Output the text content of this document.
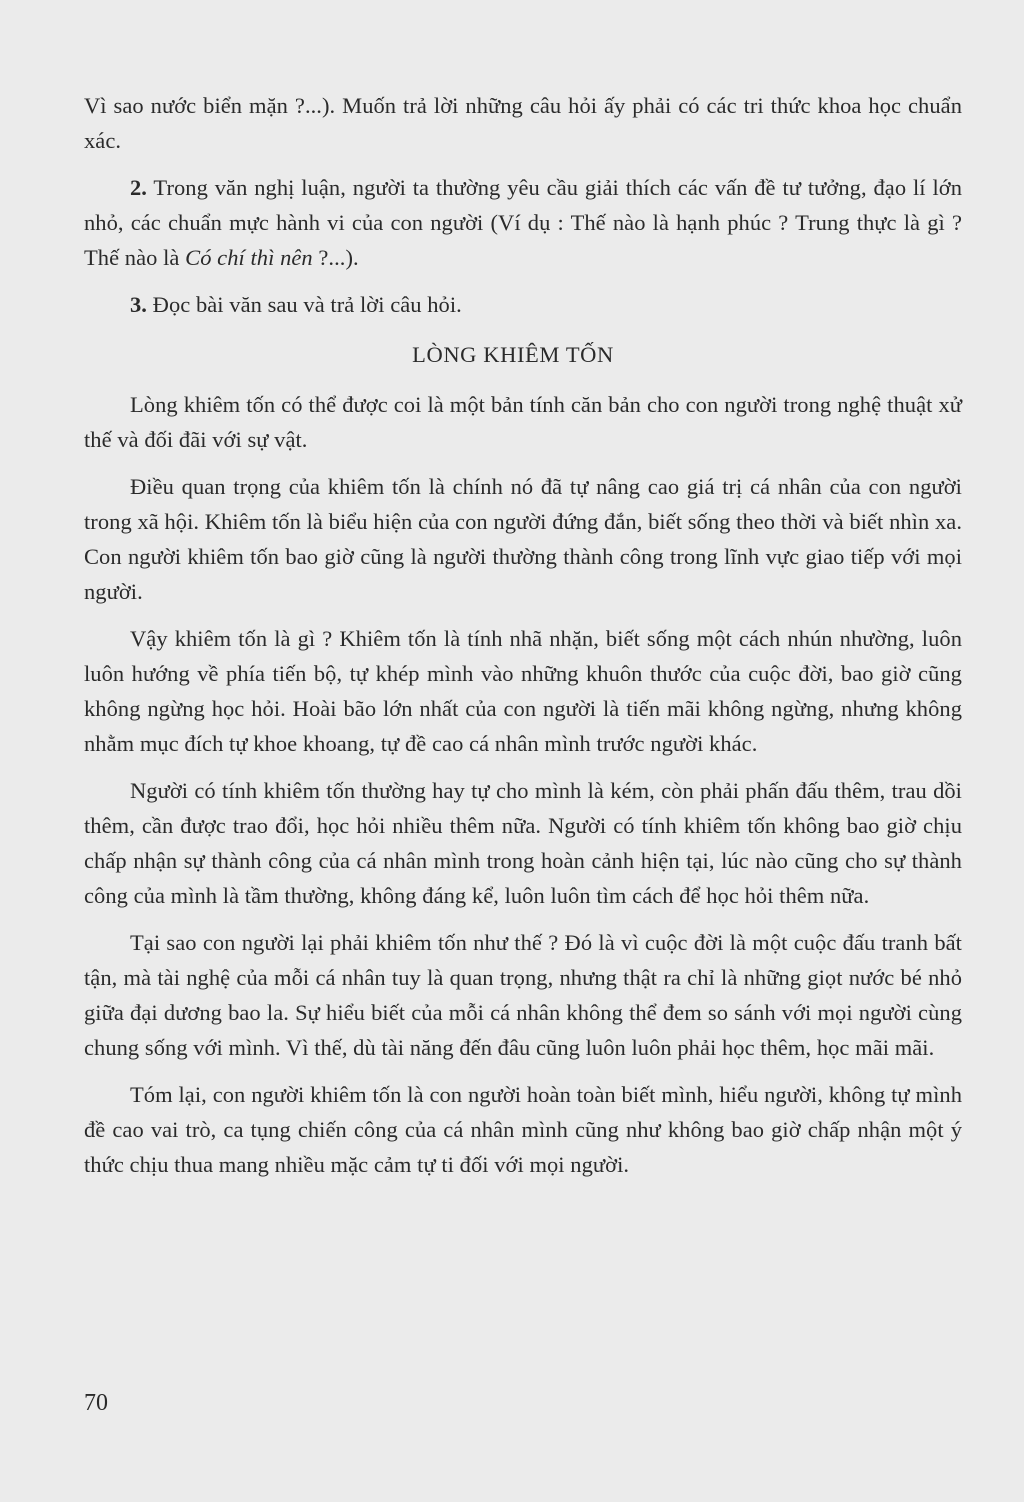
Vì sao nước biển mặn ?...). Muốn trả lời những câu hỏi ấy phải có các tri thức khoa học chuẩn xác.

2. Trong văn nghị luận, người ta thường yêu cầu giải thích các vấn đề tư tưởng, đạo lí lớn nhỏ, các chuẩn mực hành vi của con người (Ví dụ : Thế nào là hạnh phúc ? Trung thực là gì ? Thế nào là Có chí thì nên ?...).

3. Đọc bài văn sau và trả lời câu hỏi.

LÒNG KHIÊM TỐN

Lòng khiêm tốn có thể được coi là một bản tính căn bản cho con người trong nghệ thuật xử thế và đối đãi với sự vật.

Điều quan trọng của khiêm tốn là chính nó đã tự nâng cao giá trị cá nhân của con người trong xã hội. Khiêm tốn là biểu hiện của con người đứng đắn, biết sống theo thời và biết nhìn xa. Con người khiêm tốn bao giờ cũng là người thường thành công trong lĩnh vực giao tiếp với mọi người.

Vậy khiêm tốn là gì ? Khiêm tốn là tính nhã nhặn, biết sống một cách nhún nhường, luôn luôn hướng về phía tiến bộ, tự khép mình vào những khuôn thước của cuộc đời, bao giờ cũng không ngừng học hỏi. Hoài bão lớn nhất của con người là tiến mãi không ngừng, nhưng không nhằm mục đích tự khoe khoang, tự đề cao cá nhân mình trước người khác.

Người có tính khiêm tốn thường hay tự cho mình là kém, còn phải phấn đấu thêm, trau dồi thêm, cần được trao đổi, học hỏi nhiều thêm nữa. Người có tính khiêm tốn không bao giờ chịu chấp nhận sự thành công của cá nhân mình trong hoàn cảnh hiện tại, lúc nào cũng cho sự thành công của mình là tầm thường, không đáng kể, luôn luôn tìm cách để học hỏi thêm nữa.

Tại sao con người lại phải khiêm tốn như thế ? Đó là vì cuộc đời là một cuộc đấu tranh bất tận, mà tài nghệ của mỗi cá nhân tuy là quan trọng, nhưng thật ra chỉ là những giọt nước bé nhỏ giữa đại dương bao la. Sự hiểu biết của mỗi cá nhân không thể đem so sánh với mọi người cùng chung sống với mình. Vì thế, dù tài năng đến đâu cũng luôn luôn phải học thêm, học mãi mãi.

Tóm lại, con người khiêm tốn là con người hoàn toàn biết mình, hiểu người, không tự mình đề cao vai trò, ca tụng chiến công của cá nhân mình cũng như không bao giờ chấp nhận một ý thức chịu thua mang nhiều mặc cảm tự ti đối với mọi người.

70
